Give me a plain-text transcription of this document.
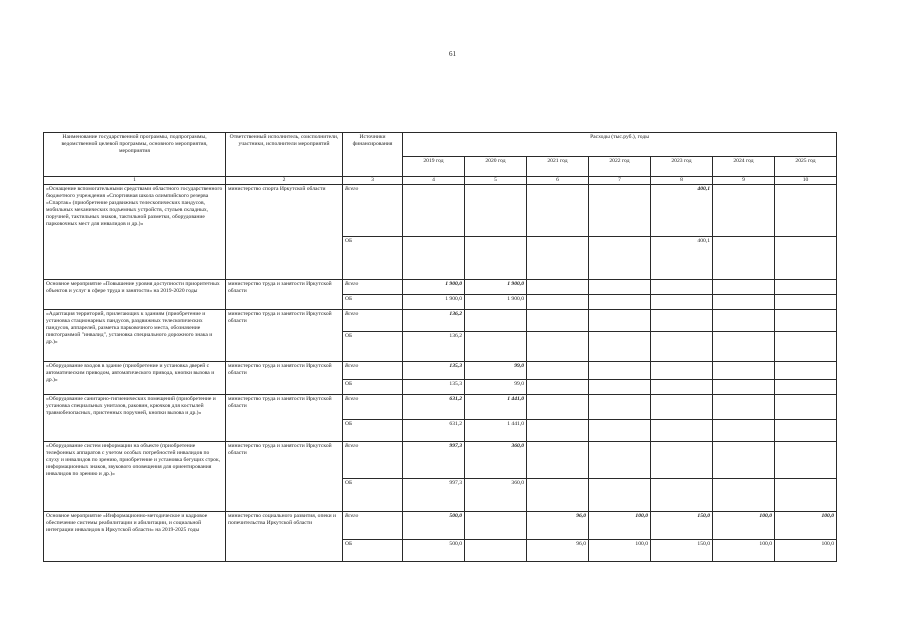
61
Наименование государственной программы, подпрограммы, ведомственной целевой программы, основного мероприятия, мероприятия	Ответственный исполнитель, соисполнители, участники, исполнители мероприятий	Источники финансирования	Расходы (тыс.руб.), годы						
			2019 год	2020 год	2021 год	2022 год	2023 год	2024 год	2025 год
1	2	3	4	5	6	7	8	9	10
«Оснащение вспомогательными средствами областного государственного бюджетного учреждения «Спортивная школа олимпийского резерва «Спартак» (приобретение раздвижных телескопических пандусов, мобильных механических подъемных устройств, стульев складных, поручней, тактильных знаков, тактильной разметки, оборудование парковочных мест для инвалидов и др.)»	министерство спорта Иркутской области	Всего					400,1		
		ОБ					400,1		
Основное мероприятие «Повышение уровня доступности приоритетных объектов и услуг в сфере труда и занятости» на 2019-2020 годы	министерство труда и занятости Иркутской области	Всего	1 900,0	1 900,0					
		ОБ	1 900,0	1 900,0					
«Адаптация территорий, прилегающих к зданиям (приобретение и установка стационарных пандусов, раздвижных телескопических пандусов, аппарелей, разметка парковочного места, обозначение пиктограммой "инвалид", установка специального дорожного знака и др.)»	министерство труда и занятости Иркутской области	Всего	136,2						
		ОБ	136,2						
«Оборудование входов в здание (приобретение и установка дверей с автоматическим приводом, автоматического привода, кнопки вызова и др.)»	министерство труда и занятости Иркутской области	Всего	135,3	99,0					
		ОБ	135,3	99,0					
«Оборудование санитарно-гигиенических помещений (приобретение и установка специальных унитазов, раковин, крючков для костылей травмобезопасных, пристенных поручней, кнопки вызова и др.)»	министерство труда и занятости Иркутской области	Всего	631,2	1 441,0					
		ОБ	631,2	1 441,0					
«Оборудование систем информации на объекте (приобретение телефонных аппаратов с учетом особых потребностей инвалидов по слуху и инвалидов по зрению, приобретение и установка бегущих строк, информационных знаков, звукового оповещения для ориентирования инвалидов по зрению и др.)»	министерство труда и занятости Иркутской области	Всего	997,3	360,0					
		ОБ	997,3	360,0					
Основное мероприятие «Информационно-методическое и кадровое обеспечение системы реабилитации и абилитации, и социальной интеграции инвалидов в Иркутской области» на 2019-2025 годы	министерство социального развития, опеки и попечительства Иркутской области	Всего	500,0		96,0	100,0	150,0	100,0	100,0
		ОБ	500,0		96,0	100,0	150,0	100,0	100,0
